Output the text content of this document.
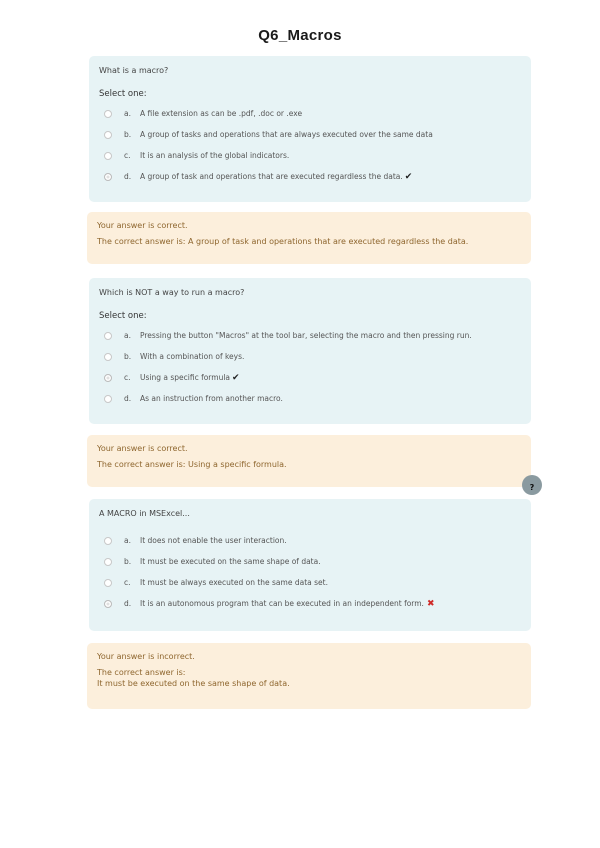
Q6_Macros
What is a macro?
Select one:
a.	A file extension as can be .pdf, .doc or .exe
b.	A group of tasks and operations that are always executed over the same data
c.	It is an analysis of the global indicators.
d.	A group of task and operations that are executed regardless the data. ✔
Your answer is correct.
The correct answer is: A group of task and operations that are executed regardless the data.
Which is NOT a way to run a macro?
Select one:
a.	Pressing the button "Macros" at the tool bar, selecting the macro and then pressing run.
b.	With a combination of keys.
c.	Using a specific formula ✔
d.	As an instruction from another macro.
Your answer is correct.
The correct answer is: Using a specific formula.
?
A MACRO in MSExcel...
a.	It does not enable the user interaction.
b.	It must be executed on the same shape of data.
c.	It must be always executed on the same data set.
d.	It is an autonomous program that can be executed in an independent form. ✖
Your answer is incorrect.
The correct answer is:
It must be executed on the same shape of data.
